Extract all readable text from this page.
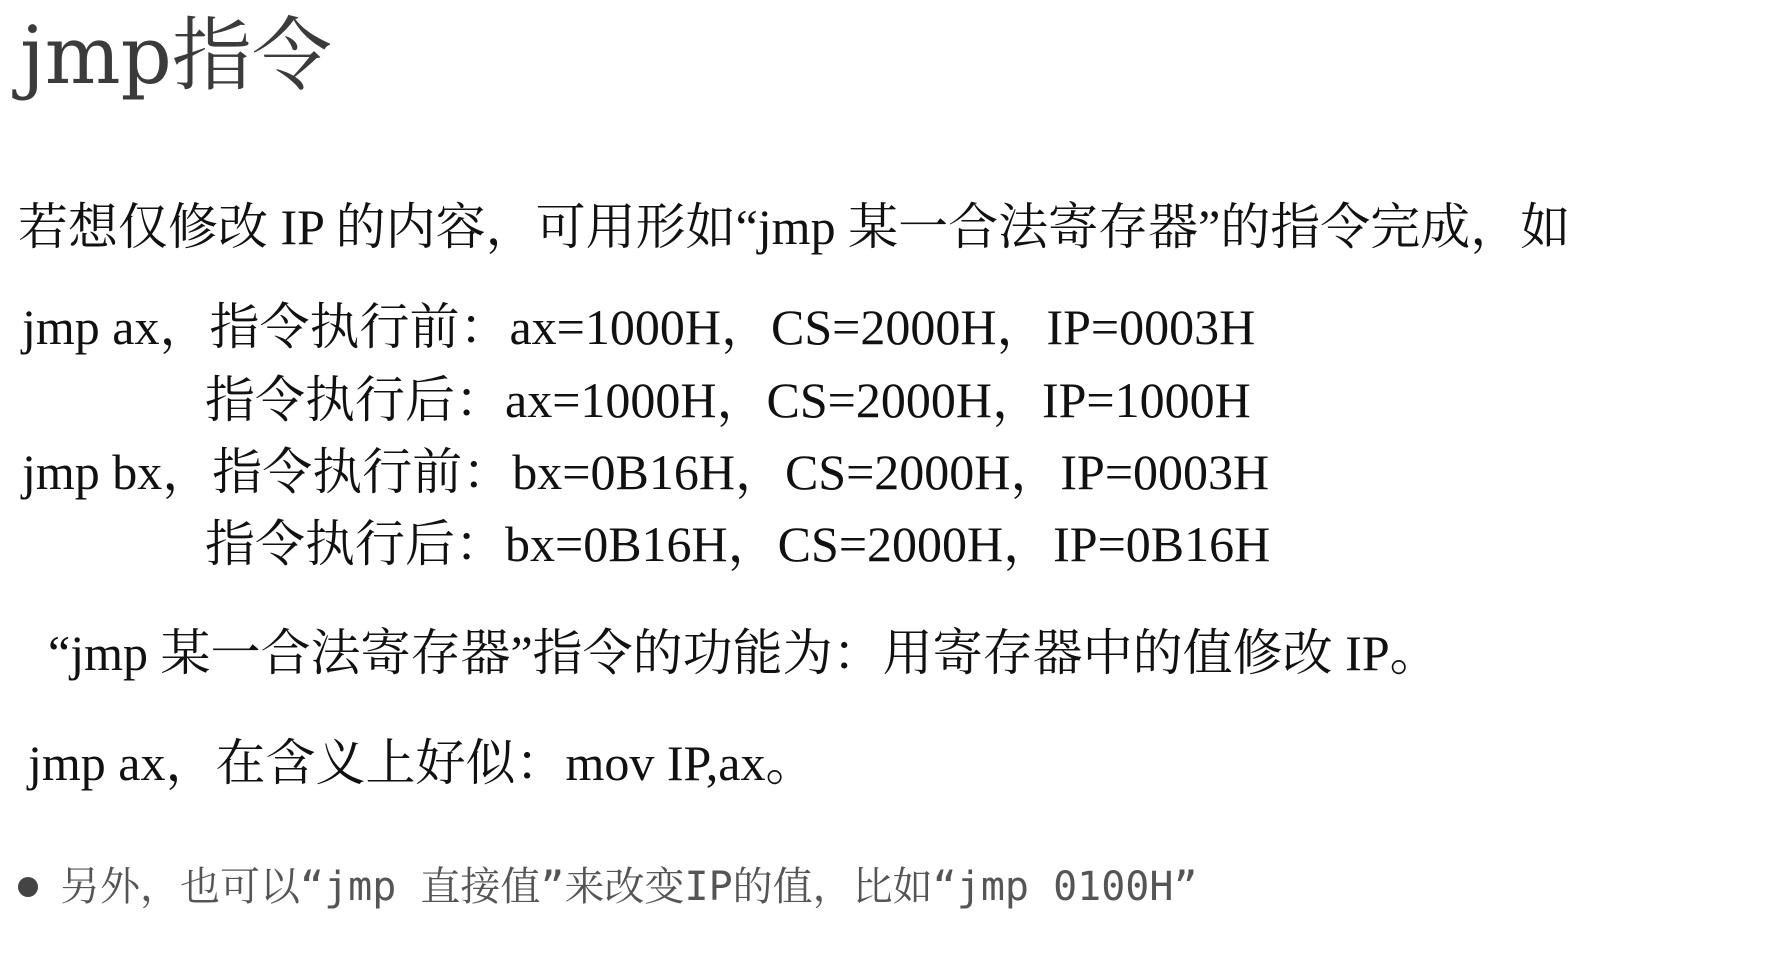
jmp指令
若想仅修改 IP 的内容，可用形如“jmp 某一合法寄存器”的指令完成，如
jmp ax，指令执行前：ax=1000H，CS=2000H，IP=0003H
指令执行后：ax=1000H，CS=2000H，IP=1000H
jmp bx，指令执行前：bx=0B16H，CS=2000H，IP=0003H
指令执行后：bx=0B16H，CS=2000H，IP=0B16H
“jmp 某一合法寄存器”指令的功能为：用寄存器中的值修改 IP。
jmp ax，在含义上好似：mov IP,ax。
另外，也可以“jmp 直接值”来改变IP的值，比如“jmp 0100H”
